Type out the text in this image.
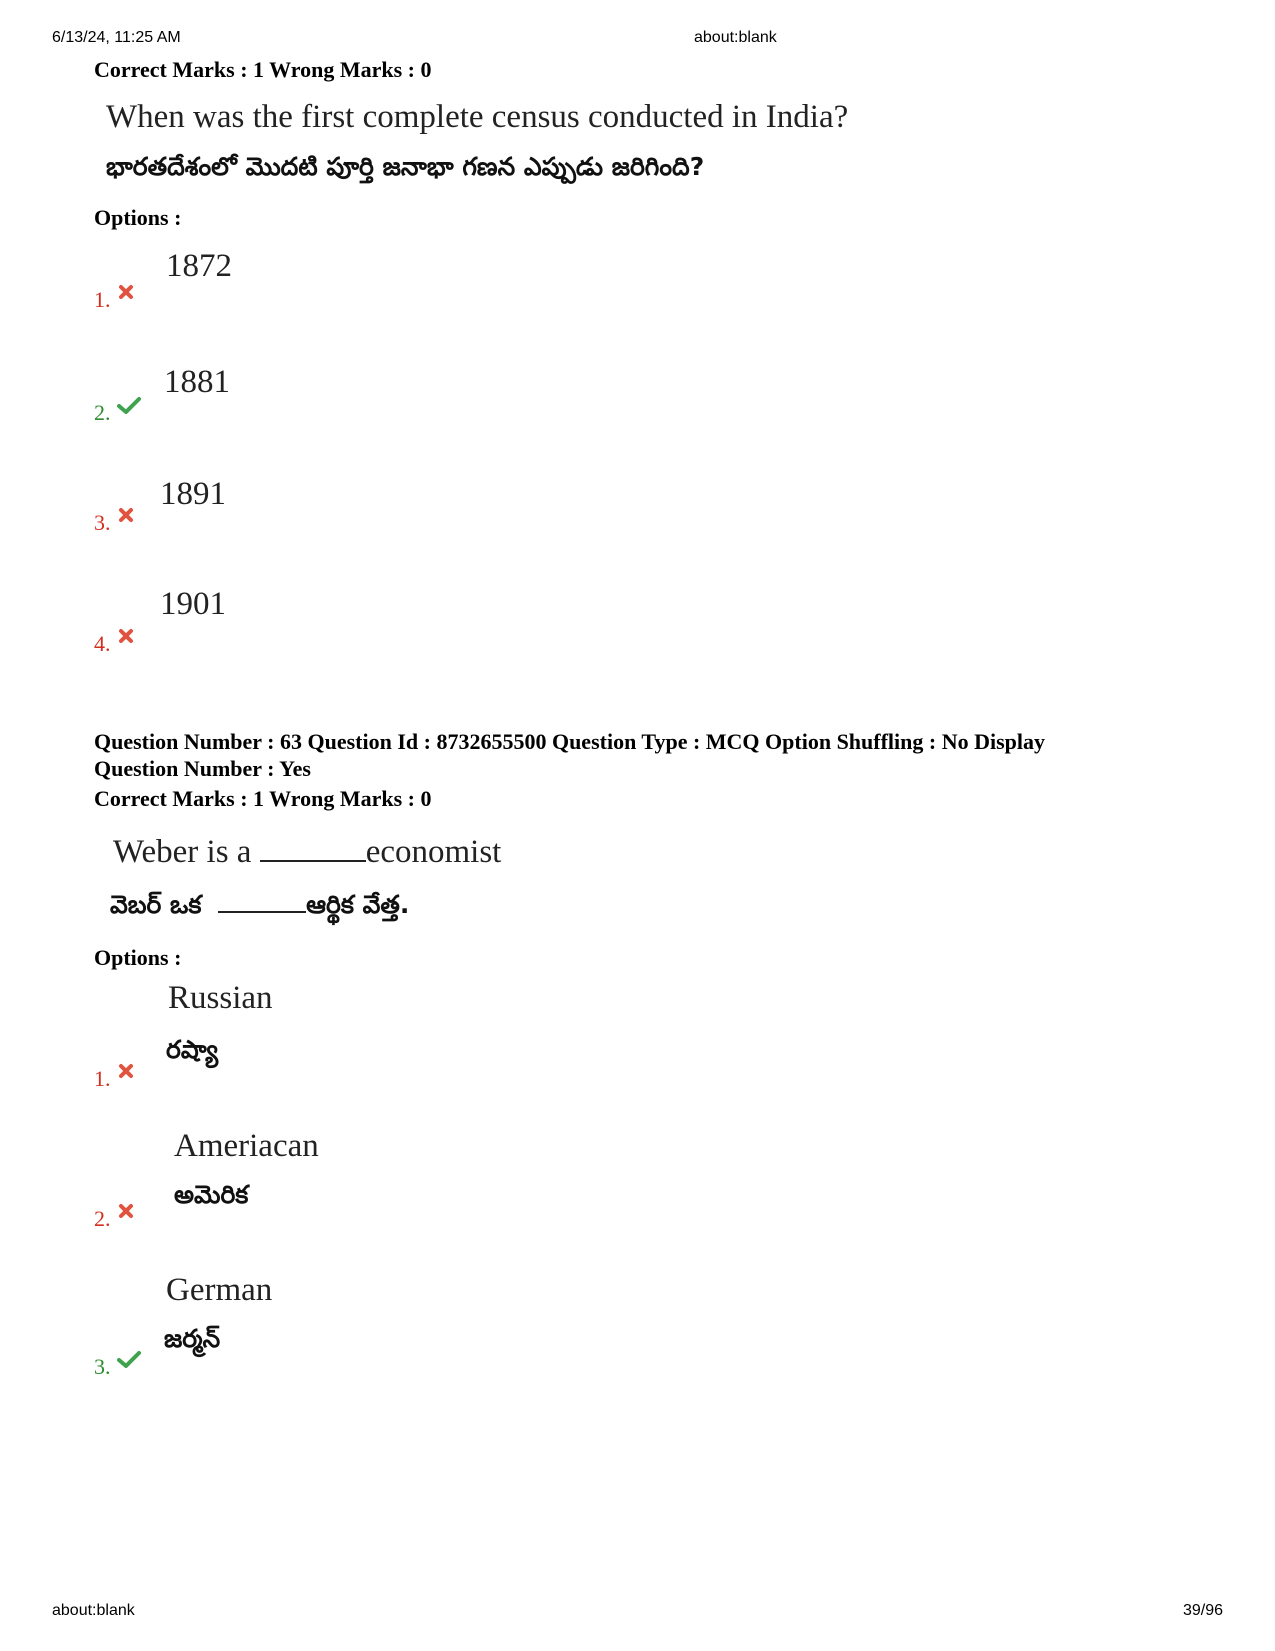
6/13/24, 11:25 AM	about:blank
Correct Marks : 1 Wrong Marks : 0
When was the first complete census conducted in India?
భారతదేశంలో మొదటి పూర్తి జనాభా గణన ఎప్పుడు జరిగింది?
Options :
1872
1.
1881
2.
1891
3.
1901
4.
Question Number : 63 Question Id : 8732655500 Question Type : MCQ Option Shuffling : No Display
Question Number : Yes
Correct Marks : 1 Wrong Marks : 0
Weber is a	economist
వెబర్ ఒక	ఆర్థిక వేత్త.
Options :
Russian
రష్యా
1.
Ameriacan
అమెరిక
2.
German
జర్మన్
3.
about:blank	39/96
